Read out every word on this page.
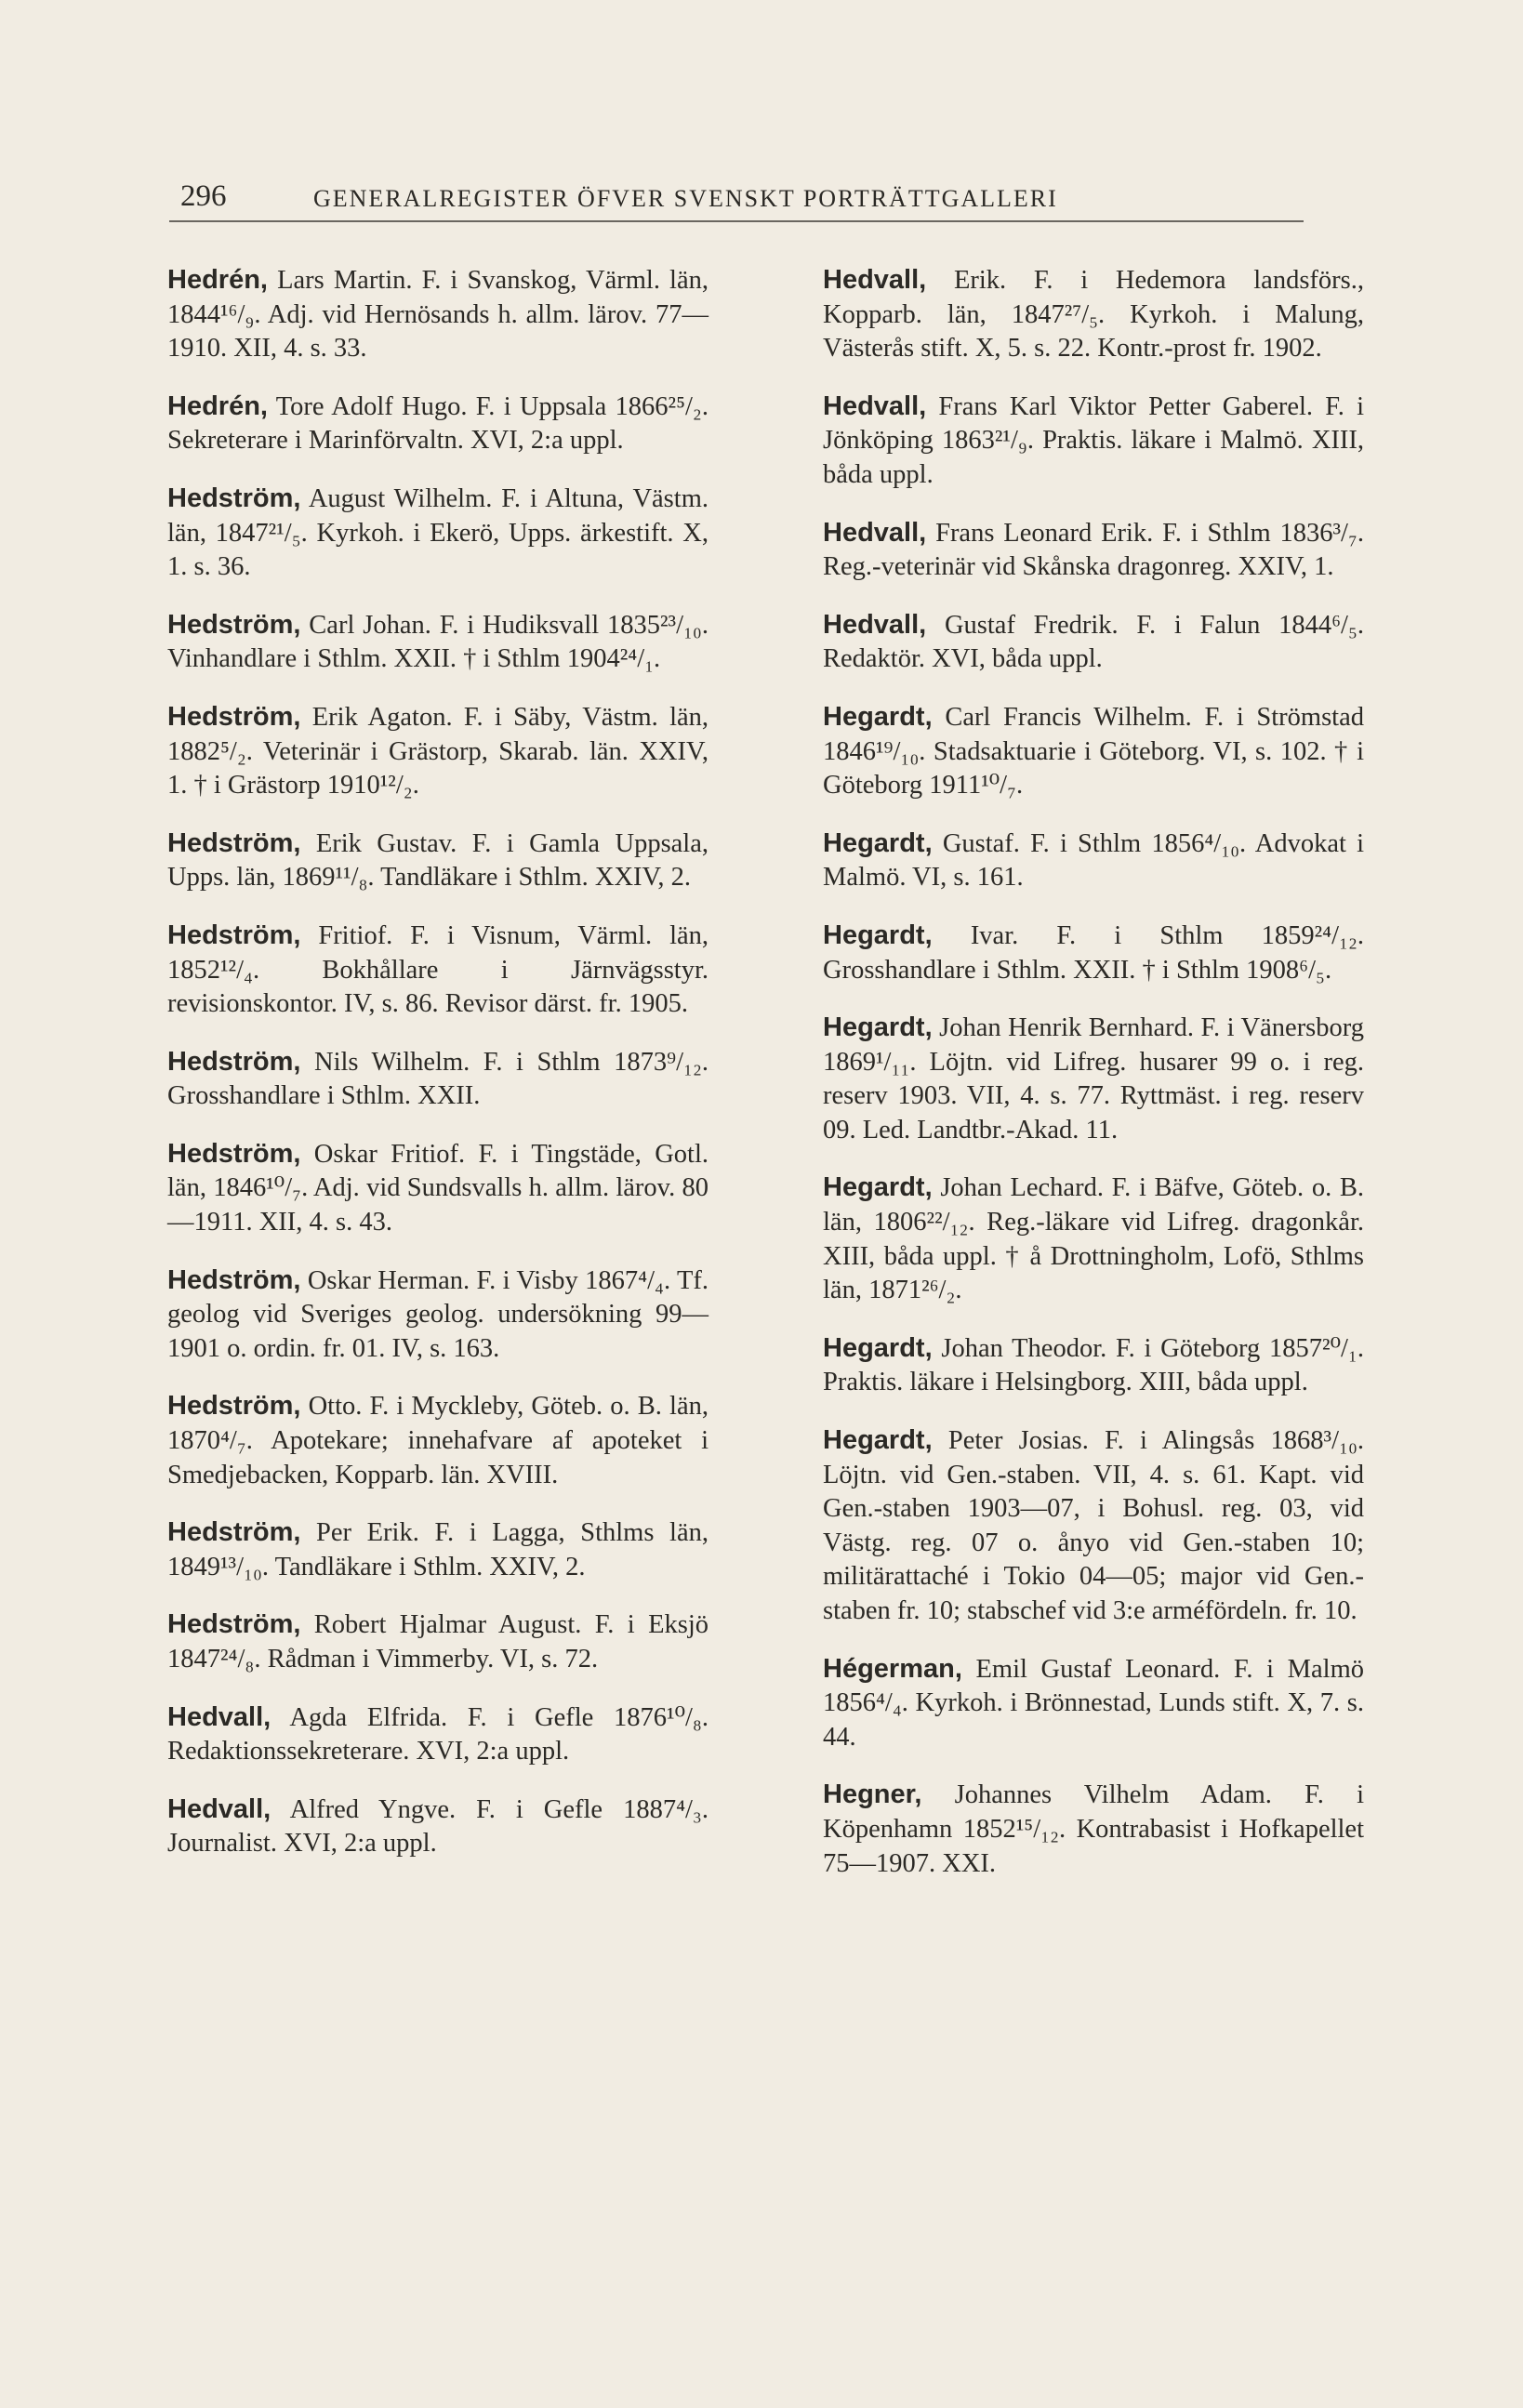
296	GENERALREGISTER ÖFVER SVENSKT PORTRÄTTGALLERI
Hedrén, Lars Martin. F. i Svanskog, Värml. län, 1844¹⁶/₉. Adj. vid Hernösands h. allm. lärov. 77—1910. XII, 4. s. 33.
Hedrén, Tore Adolf Hugo. F. i Uppsala 1866²⁵/₂. Sekreterare i Marinförvaltn. XVI, 2:a uppl.
Hedström, August Wilhelm. F. i Altuna, Västm. län, 1847²¹/₅. Kyrkoh. i Ekerö, Upps. ärkestift. X, 1. s. 36.
Hedström, Carl Johan. F. i Hudiksvall 1835²³/₁₀. Vinhandlare i Sthlm. XXII. † i Sthlm 1904²⁴/₁.
Hedström, Erik Agaton. F. i Säby, Västm. län, 1882⁵/₂. Veterinär i Grästorp, Skarab. län. XXIV, 1. † i Grästorp 1910¹²/₂.
Hedström, Erik Gustav. F. i Gamla Uppsala, Upps. län, 1869¹¹/₈. Tandläkare i Sthlm. XXIV, 2.
Hedström, Fritiof. F. i Visnum, Värml. län, 1852¹²/₄. Bokhållare i Järnvägsstyr. revisionskontor. IV, s. 86. Revisor därst. fr. 1905.
Hedström, Nils Wilhelm. F. i Sthlm 1873⁹/₁₂. Grosshandlare i Sthlm. XXII.
Hedström, Oskar Fritiof. F. i Tingstäde, Gotl. län, 1846¹⁰/₇. Adj. vid Sundsvalls h. allm. lärov. 80—1911. XII, 4. s. 43.
Hedström, Oskar Herman. F. i Visby 1867⁴/₄. Tf. geolog vid Sveriges geolog. undersökning 99—1901 o. ordin. fr. 01. IV, s. 163.
Hedström, Otto. F. i Myckleby, Göteb. o. B. län, 1870⁴/₇. Apotekare; innehafvare af apoteket i Smedjebacken, Kopparb. län. XVIII.
Hedström, Per Erik. F. i Lagga, Sthlms län, 1849¹³/₁₀. Tandläkare i Sthlm. XXIV, 2.
Hedström, Robert Hjalmar August. F. i Eksjö 1847²⁴/₈. Rådman i Vimmerby. VI, s. 72.
Hedvall, Agda Elfrida. F. i Gefle 1876¹⁰/₈. Redaktionssekreterare. XVI, 2:a uppl.
Hedvall, Alfred Yngve. F. i Gefle 1887⁴/₃. Journalist. XVI, 2:a uppl.
Hedvall, Erik. F. i Hedemora landsförs., Kopparb. län, 1847²⁷/₅. Kyrkoh. i Malung, Västerås stift. X, 5. s. 22. Kontr.-prost fr. 1902.
Hedvall, Frans Karl Viktor Petter Gaberel. F. i Jönköping 1863²¹/₉. Praktis. läkare i Malmö. XIII, båda uppl.
Hedvall, Frans Leonard Erik. F. i Sthlm 1836³/₇. Reg.-veterinär vid Skånska dragonreg. XXIV, 1.
Hedvall, Gustaf Fredrik. F. i Falun 1844⁶/₅. Redaktör. XVI, båda uppl.
Hegardt, Carl Francis Wilhelm. F. i Strömstad 1846¹⁹/₁₀. Stadsaktuarie i Göteborg. VI, s. 102. † i Göteborg 1911¹⁰/₇.
Hegardt, Gustaf. F. i Sthlm 1856⁴/₁₀. Advokat i Malmö. VI, s. 161.
Hegardt, Ivar. F. i Sthlm 1859²⁴/₁₂. Grosshandlare i Sthlm. XXII. † i Sthlm 1908⁶/₅.
Hegardt, Johan Henrik Bernhard. F. i Vänersborg 1869¹/₁₁. Löjtn. vid Lifreg. husarer 99 o. i reg. reserv 1903. VII, 4. s. 77. Ryttmäst. i reg. reserv 09. Led. Landtbr.-Akad. 11.
Hegardt, Johan Lechard. F. i Bäfve, Göteb. o. B. län, 1806²²/₁₂. Reg.-läkare vid Lifreg. dragonkår. XIII, båda uppl. † å Drottningholm, Lofö, Sthlms län, 1871²⁶/₂.
Hegardt, Johan Theodor. F. i Göteborg 1857²⁰/₁. Praktis. läkare i Helsingborg. XIII, båda uppl.
Hegardt, Peter Josias. F. i Alingsås 1868³/₁₀. Löjtn. vid Gen.-staben. VII, 4. s. 61. Kapt. vid Gen.-staben 1903—07, i Bohusl. reg. 03, vid Västg. reg. 07 o. ånyo vid Gen.-staben 10; militärattaché i Tokio 04—05; major vid Gen.-staben fr. 10; stabschef vid 3:e arméfördeln. fr. 10.
Hégerman, Emil Gustaf Leonard. F. i Malmö 1856⁴/₄. Kyrkoh. i Brönnestad, Lunds stift. X, 7. s. 44.
Hegner, Johannes Vilhelm Adam. F. i Köpenhamn 1852¹⁵/₁₂. Kontrabasist i Hofkapellet 75—1907. XXI.
